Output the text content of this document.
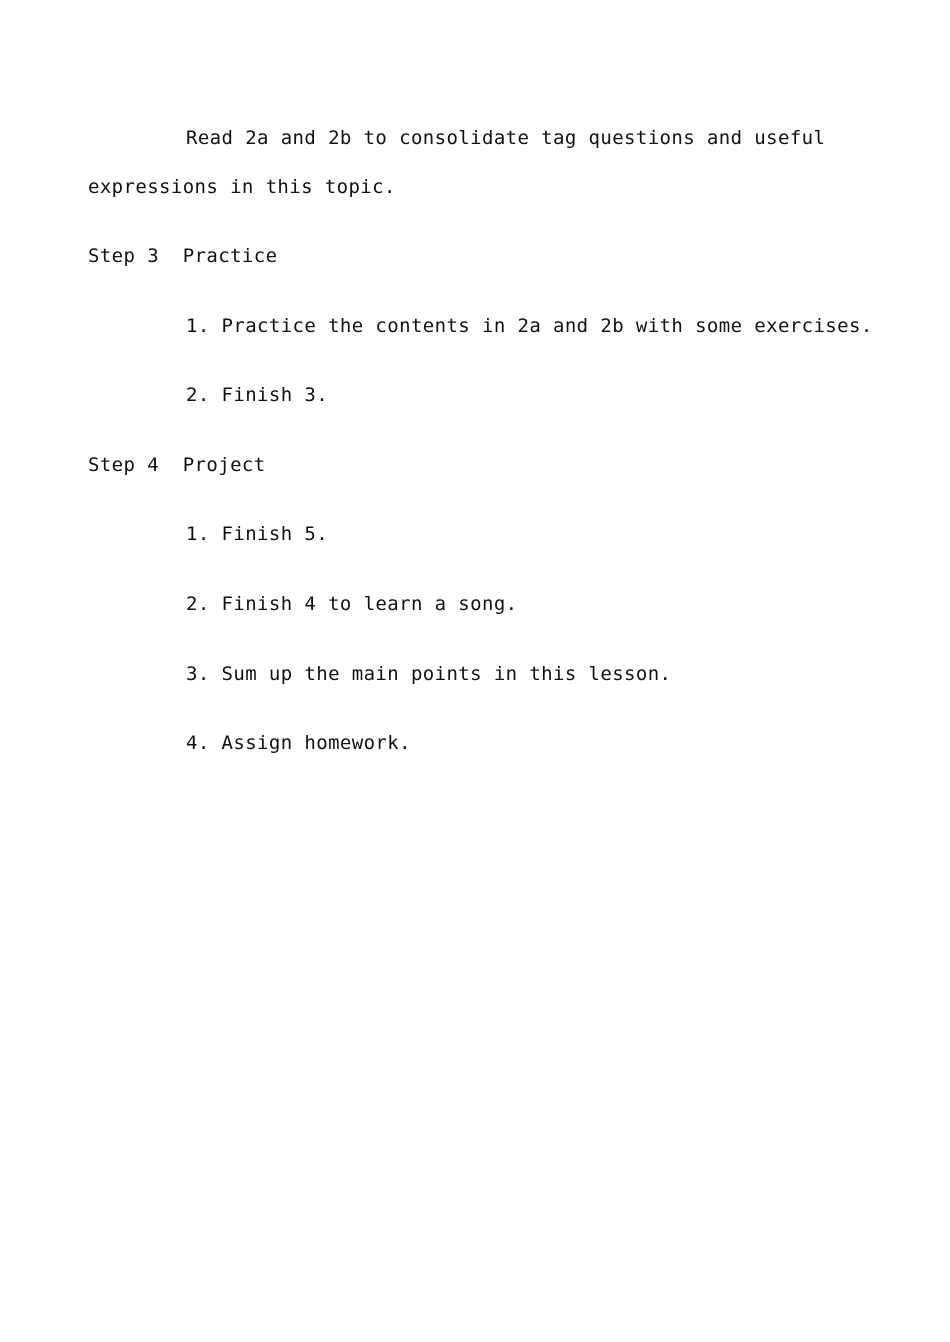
Read 2a and 2b to consolidate tag questions and useful
expressions in this topic.
Step 3  Practice
1. Practice the contents in 2a and 2b with some exercises.
2. Finish 3.
Step 4  Project
1. Finish 5.
2. Finish 4 to learn a song.
3. Sum up the main points in this lesson.
4. Assign homework.
